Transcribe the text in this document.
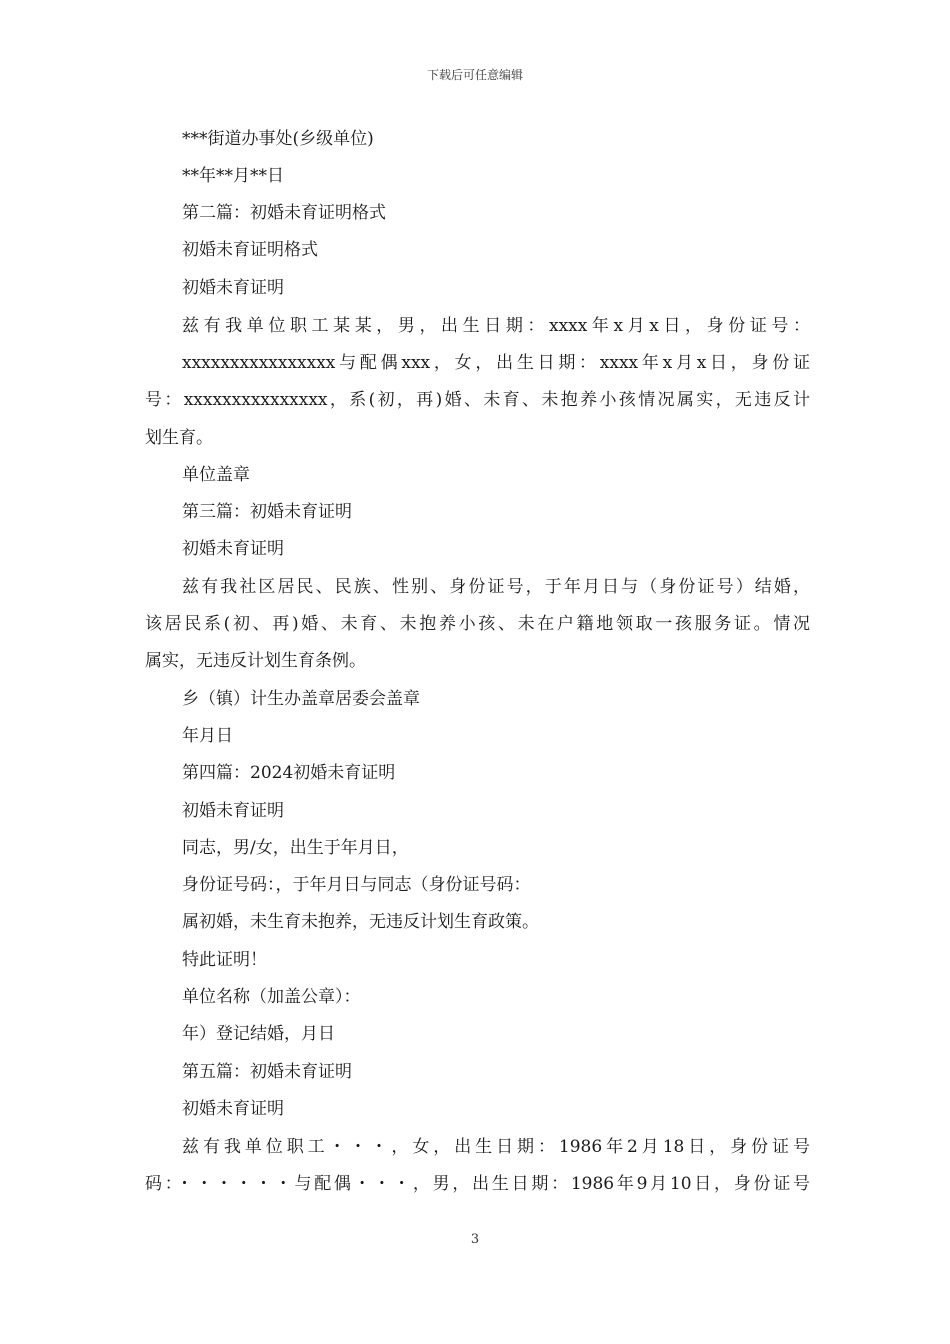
下载后可任意编辑
***街道办事处(乡级单位)
**年**月**日
第二篇：初婚未育证明格式
初婚未育证明格式
初婚未育证明
兹有我单位职工某某，男，出生日期：xxxx年x月x日，身份证号：
xxxxxxxxxxxxxxxx与配偶xxx，女，出生日期：xxxx年x月x日，身份证
号：xxxxxxxxxxxxxxx，系(初，再)婚、未育、未抱养小孩情况属实，无违反计
划生育。
单位盖章
第三篇：初婚未育证明
初婚未育证明
兹有我社区居民、民族、性别、身份证号，于年月日与（身份证号）结婚，
该居民系(初、再)婚、未育、未抱养小孩、未在户籍地领取一孩服务证。情况
属实，无违反计划生育条例。
乡（镇）计生办盖章居委会盖章
年月日
第四篇：2024初婚未育证明
初婚未育证明
同志，男/女，出生于年月日，
身份证号码：，于年月日与同志（身份证号码：
属初婚，未生育未抱养，无违反计划生育政策。
特此证明！
单位名称（加盖公章）：
年）登记结婚，月日
第五篇：初婚未育证明
初婚未育证明
兹有我单位职工・・・，女，出生日期：1986年2月18日，身份证号
码：・・・・・・与配偶・・・，男，出生日期：1986年9月10日，身份证号
3
